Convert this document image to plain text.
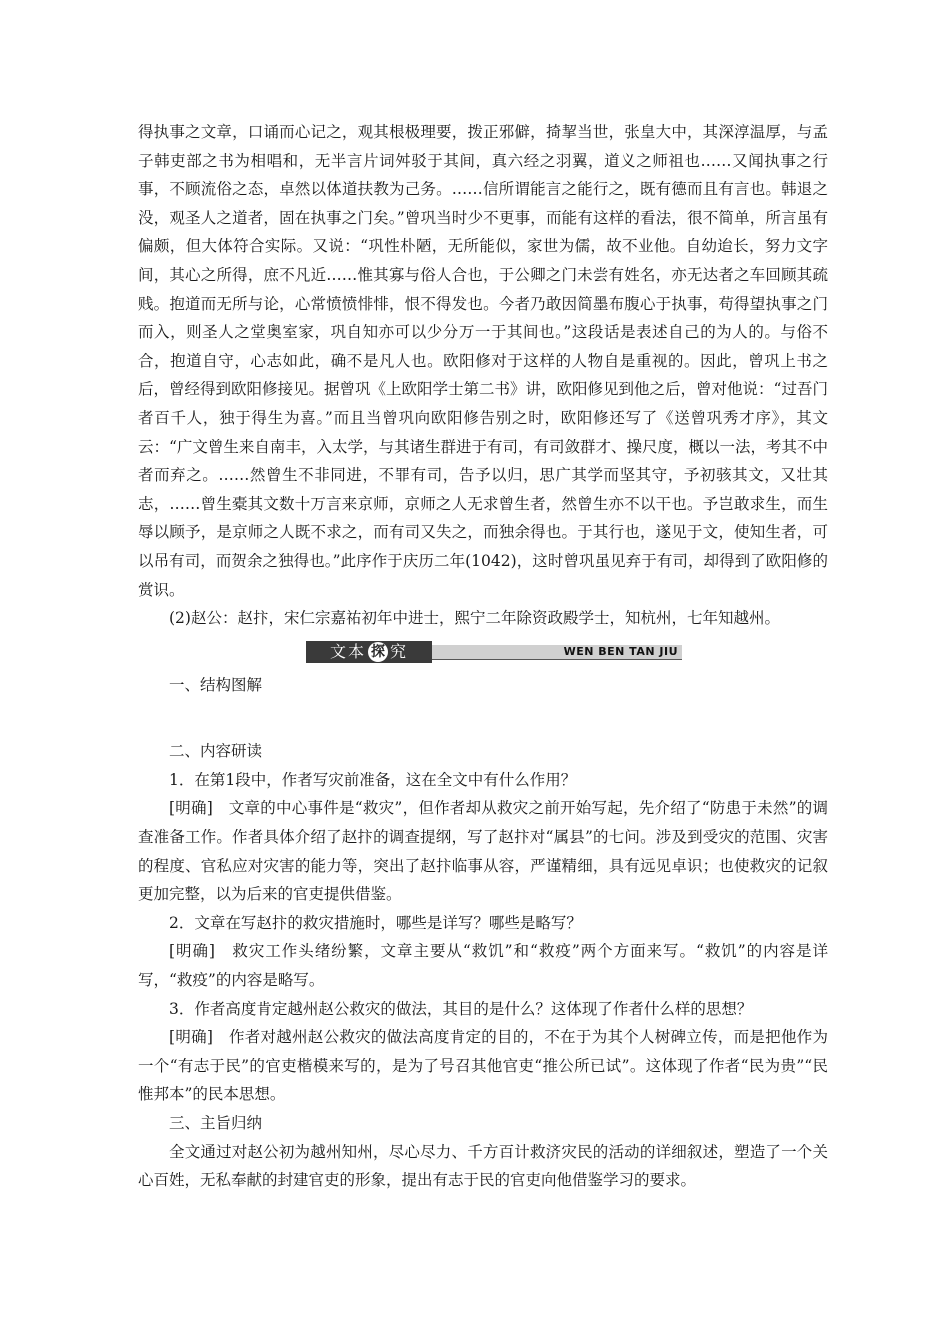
得执事之文章，口诵而心记之，观其根极理要，拨正邪僻，掎挈当世，张皇大中，其深淳温厚，与孟子韩吏部之书为相唱和，无半言片词舛驳于其间，真六经之羽翼，道义之师祖也……又闻执事之行事，不顾流俗之态，卓然以体道扶教为己务。……信所谓能言之能行之，既有德而且有言也。韩退之没，观圣人之道者，固在执事之门矣。”曾巩当时少不更事，而能有这样的看法，很不简单，所言虽有偏颇，但大体符合实际。又说：“巩性朴陋，无所能似，家世为儒，故不业他。自幼迨长，努力文字间，其心之所得，庶不凡近……惟其寡与俗人合也，于公卿之门未尝有姓名，亦无达者之车回顾其疏贱。抱道而无所与论，心常愤愤悱悱，恨不得发也。今者乃敢因简墨布腹心于执事，苟得望执事之门而入，则圣人之堂奥室家，巩自知亦可以少分万一于其间也。”这段话是表述自己的为人的。与俗不合，抱道自守，心志如此，确不是凡人也。欧阳修对于这样的人物自是重视的。因此，曾巩上书之后，曾经得到欧阳修接见。据曾巩《上欧阳学士第二书》讲，欧阳修见到他之后，曾对他说：“过吾门者百千人，独于得生为喜。”而且当曾巩向欧阳修告别之时，欧阳修还写了《送曾巩秀才序》，其文云：“广文曾生来自南丰，入太学，与其诸生群进于有司，有司敛群才、操尺度，概以一法，考其不中者而弃之。……然曾生不非同进，不罪有司，告予以归，思广其学而坚其守，予初骇其文，又壮其志，……曾生橐其文数十万言来京师，京师之人无求曾生者，然曾生亦不以干也。予岂敢求生，而生辱以顾予，是京师之人既不求之，而有司又失之，而独余得也。于其行也，遂见于文，使知生者，可以吊有司，而贺余之独得也。”此序作于庆历二年(1042)，这时曾巩虽见弃于有司，却得到了欧阳修的赏识。

(2)赵公：赵抃，宋仁宗嘉祐初年中进士，熙宁二年除资政殿学士，知杭州，七年知越州。

文本 探 究	WEN BEN TAN JIU

一、结构图解

二、内容研读

1．在第1段中，作者写灾前准备，这在全文中有什么作用？

[明确]　文章的中心事件是“救灾”，但作者却从救灾之前开始写起，先介绍了“防患于未然”的调查准备工作。作者具体介绍了赵抃的调查提纲，写了赵抃对“属县”的七问。涉及到受灾的范围、灾害的程度、官私应对灾害的能力等，突出了赵抃临事从容，严谨精细，具有远见卓识；也使救灾的记叙更加完整，以为后来的官吏提供借鉴。

2．文章在写赵抃的救灾措施时，哪些是详写？哪些是略写？

[明确]　救灾工作头绪纷繁，文章主要从“救饥”和“救疫”两个方面来写。“救饥”的内容是详写，“救疫”的内容是略写。

3．作者高度肯定越州赵公救灾的做法，其目的是什么？这体现了作者什么样的思想？

[明确]　作者对越州赵公救灾的做法高度肯定的目的，不在于为其个人树碑立传，而是把他作为一个“有志于民”的官吏楷模来写的，是为了号召其他官吏“推公所已试”。这体现了作者“民为贵”“民惟邦本”的民本思想。

三、主旨归纳

全文通过对赵公初为越州知州，尽心尽力、千方百计救济灾民的活动的详细叙述，塑造了一个关心百姓，无私奉献的封建官吏的形象，提出有志于民的官吏向他借鉴学习的要求。
